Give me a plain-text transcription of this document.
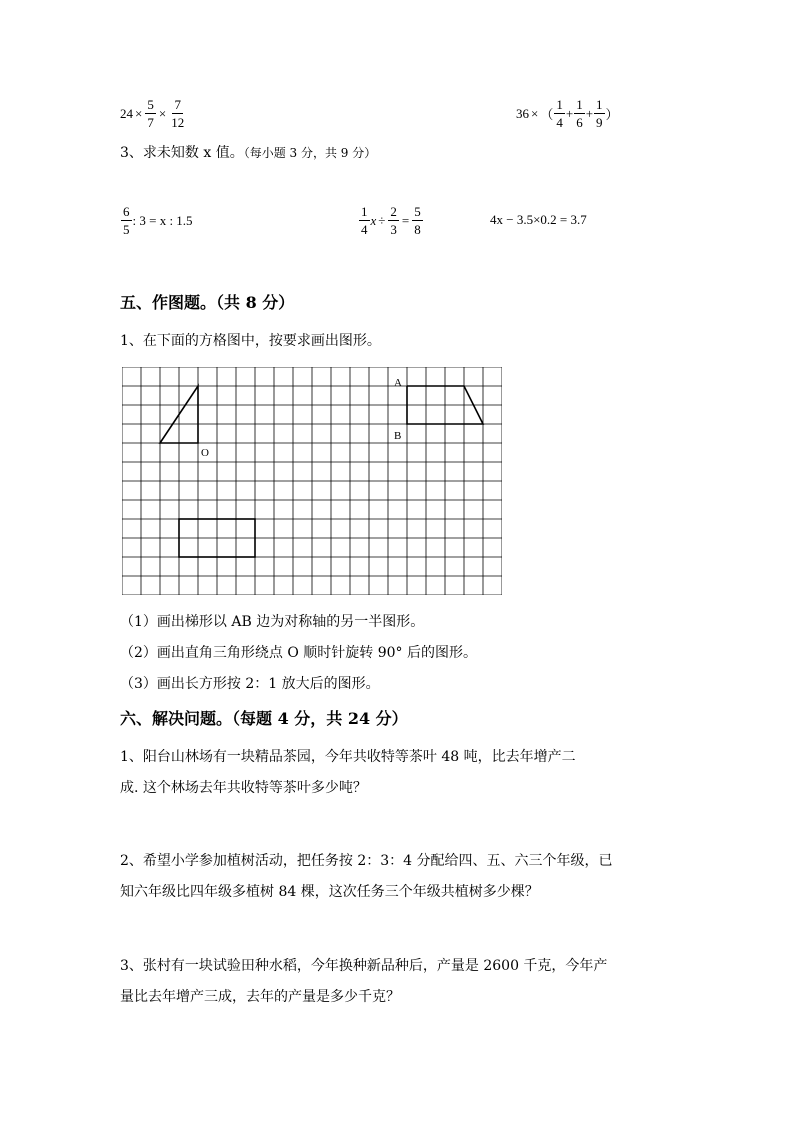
$24 \times \frac{5}{7} \times \frac{7}{12}$	36 × （ $\frac{1}{4} + \frac{1}{6} + \frac{1}{9}$ ）
3、求未知数 x 值。（每小题 3 分，共 9 分）
$\frac{6}{5}$ : 3 = x : 1.5	$\frac{1}{4}$ $x \div \frac{2}{3} = \frac{5}{8}$	4x − 3.5×0.2 = 3.7
五、作图题。（共 8 分）
1、在下面的方格图中，按要求画出图形。
A
B
O
（1）画出梯形以 AB 边为对称轴的另一半图形。
（2）画出直角三角形绕点 O 顺时针旋转 90° 后的图形。
（3）画出长方形按 2：1 放大后的图形。
六、解决问题。（每题 4 分，共 24 分）
1、阳台山林场有一块精品茶园，今年共收特等茶叶 48 吨，比去年增产二
成. 这个林场去年共收特等茶叶多少吨？
2、希望小学参加植树活动，把任务按 2：3：4 分配给四、五、六三个年级，已
知六年级比四年级多植树 84 棵，这次任务三个年级共植树多少棵？
3、张村有一块试验田种水稻，今年换种新品种后，产量是 2600 千克，今年产
量比去年增产三成，去年的产量是多少千克？
